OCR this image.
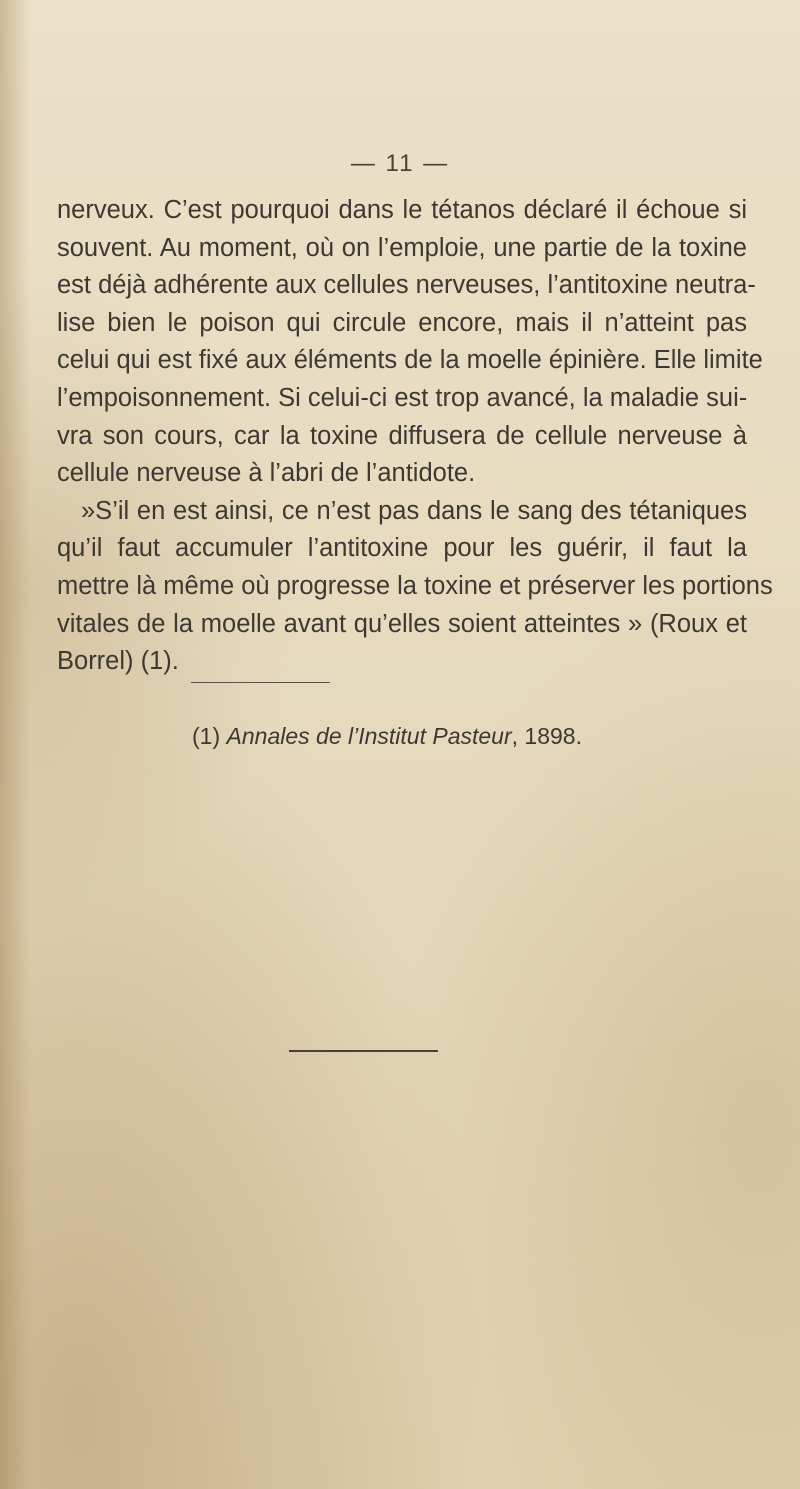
— 11 —
nerveux. C’est pourquoi dans le tétanos déclaré il échoue si
souvent. Au moment, où on l’emploie, une partie de la toxine
est déjà adhérente aux cellules nerveuses, l’antitoxine neutra-
lise bien le poison qui circule encore, mais il n’atteint pas
celui qui est fixé aux éléments de la moelle épinière. Elle limite
l’empoisonnement. Si celui-ci est trop avancé, la maladie sui-
vra son cours, car la toxine diffusera de cellule nerveuse à
cellule nerveuse à l’abri de l’antidote.
»S’il en est ainsi, ce n’est pas dans le sang des tétaniques
qu’il faut accumuler l’antitoxine pour les guérir, il faut la
mettre là même où progresse la toxine et préserver les portions
vitales de la moelle avant qu’elles soient atteintes » (Roux et
Borrel) (1).
(1) Annales de l’Institut Pasteur, 1898.
